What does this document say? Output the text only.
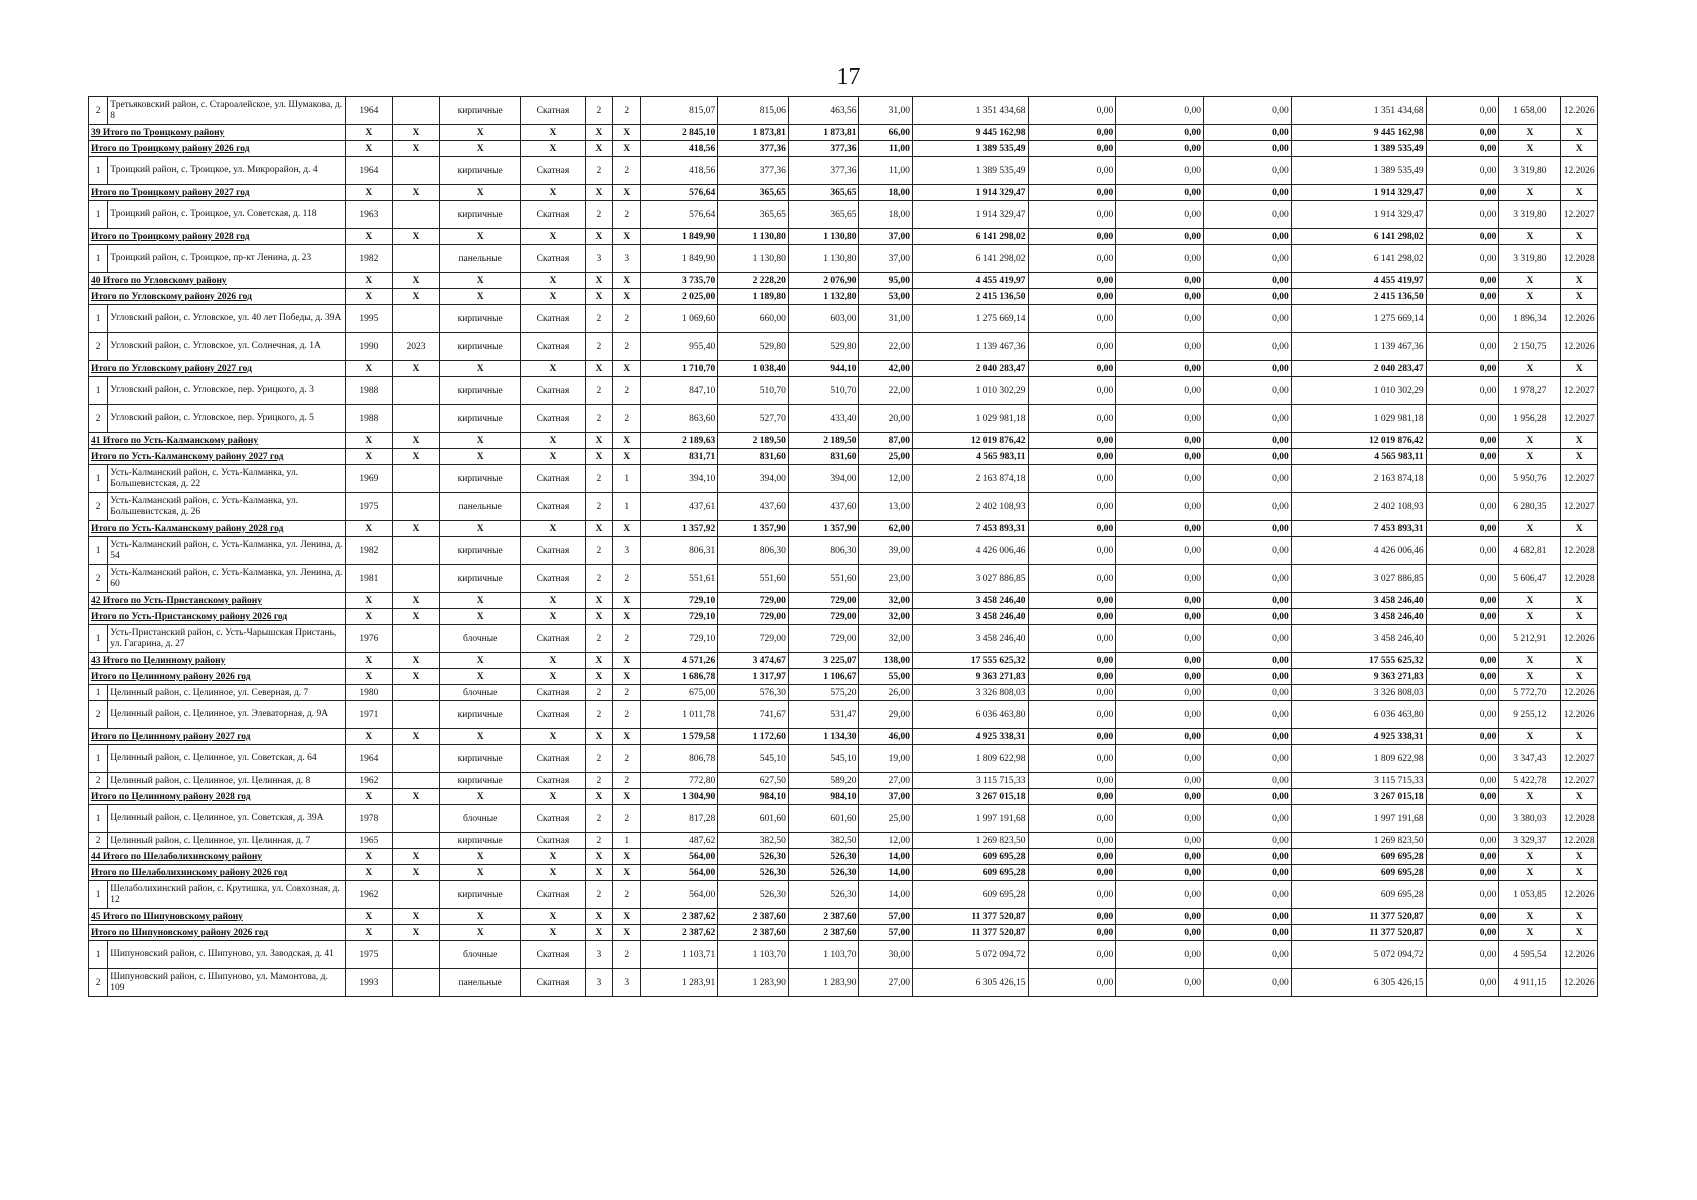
17
2	Третьяковский район, с. Староалейское, ул. Шумакова, д. 8	1964		кирпичные	Скатная	2	2	815,07	815,06	463,56	31,00	1 351 434,68	0,00	0,00	0,00	1 351 434,68	0,00	1 658,00	12.2026
39 Итого по Троицкому району		X	X	X	X	X	X	2 845,10	1 873,81	1 873,81	66,00	9 445 162,98	0,00	0,00	0,00	9 445 162,98	0,00	X	X
Итого по Троицкому району 2026 год		X	X	X	X	X	X	418,56	377,36	377,36	11,00	1 389 535,49	0,00	0,00	0,00	1 389 535,49	0,00	X	X
1	Троицкий район, с. Троицкое, ул. Микрорайон, д. 4	1964		кирпичные	Скатная	2	2	418,56	377,36	377,36	11,00	1 389 535,49	0,00	0,00	0,00	1 389 535,49	0,00	3 319,80	12.2026
Итого по Троицкому району 2027 год		X	X	X	X	X	X	576,64	365,65	365,65	18,00	1 914 329,47	0,00	0,00	0,00	1 914 329,47	0,00	X	X
1	Троицкий район, с. Троицкое, ул. Советская, д. 118	1963		кирпичные	Скатная	2	2	576,64	365,65	365,65	18,00	1 914 329,47	0,00	0,00	0,00	1 914 329,47	0,00	3 319,80	12.2027
Итого по Троицкому району 2028 год		X	X	X	X	X	X	1 849,90	1 130,80	1 130,80	37,00	6 141 298,02	0,00	0,00	0,00	6 141 298,02	0,00	X	X
1	Троицкий район, с. Троицкое, пр-кт Ленина, д. 23	1982		панельные	Скатная	3	3	1 849,90	1 130,80	1 130,80	37,00	6 141 298,02	0,00	0,00	0,00	6 141 298,02	0,00	3 319,80	12.2028
40 Итого по Угловскому району		X	X	X	X	X	X	3 735,70	2 228,20	2 076,90	95,00	4 455 419,97	0,00	0,00	0,00	4 455 419,97	0,00	X	X
Итого по Угловскому району 2026 год		X	X	X	X	X	X	2 025,00	1 189,80	1 132,80	53,00	2 415 136,50	0,00	0,00	0,00	2 415 136,50	0,00	X	X
1	Угловский район, с. Угловское, ул. 40 лет Победы, д. 39А	1995		кирпичные	Скатная	2	2	1 069,60	660,00	603,00	31,00	1 275 669,14	0,00	0,00	0,00	1 275 669,14	0,00	1 896,34	12.2026
2	Угловский район, с. Угловское, ул. Солнечная, д. 1А	1990	2023	кирпичные	Скатная	2	2	955,40	529,80	529,80	22,00	1 139 467,36	0,00	0,00	0,00	1 139 467,36	0,00	2 150,75	12.2026
Итого по Угловскому району 2027 год		X	X	X	X	X	X	1 710,70	1 038,40	944,10	42,00	2 040 283,47	0,00	0,00	0,00	2 040 283,47	0,00	X	X
1	Угловский район, с. Угловское, пер. Урицкого, д. 3	1988		кирпичные	Скатная	2	2	847,10	510,70	510,70	22,00	1 010 302,29	0,00	0,00	0,00	1 010 302,29	0,00	1 978,27	12.2027
2	Угловский район, с. Угловское, пер. Урицкого, д. 5	1988		кирпичные	Скатная	2	2	863,60	527,70	433,40	20,00	1 029 981,18	0,00	0,00	0,00	1 029 981,18	0,00	1 956,28	12.2027
41 Итого по Усть-Калманскому району		X	X	X	X	X	X	2 189,63	2 189,50	2 189,50	87,00	12 019 876,42	0,00	0,00	0,00	12 019 876,42	0,00	X	X
Итого по Усть-Калманскому району 2027 год		X	X	X	X	X	X	831,71	831,60	831,60	25,00	4 565 983,11	0,00	0,00	0,00	4 565 983,11	0,00	X	X
1	Усть-Калманский район, с. Усть-Калманка, ул. Большевистская, д. 22	1969		кирпичные	Скатная	2	1	394,10	394,00	394,00	12,00	2 163 874,18	0,00	0,00	0,00	2 163 874,18	0,00	5 950,76	12.2027
2	Усть-Калманский район, с. Усть-Калманка, ул. Большевистская, д. 26	1975		панельные	Скатная	2	1	437,61	437,60	437,60	13,00	2 402 108,93	0,00	0,00	0,00	2 402 108,93	0,00	6 280,35	12.2027
Итого по Усть-Калманскому району 2028 год		X	X	X	X	X	X	1 357,92	1 357,90	1 357,90	62,00	7 453 893,31	0,00	0,00	0,00	7 453 893,31	0,00	X	X
1	Усть-Калманский район, с. Усть-Калманка, ул. Ленина, д. 54	1982		кирпичные	Скатная	2	3	806,31	806,30	806,30	39,00	4 426 006,46	0,00	0,00	0,00	4 426 006,46	0,00	4 682,81	12.2028
2	Усть-Калманский район, с. Усть-Калманка, ул. Ленина, д. 60	1981		кирпичные	Скатная	2	2	551,61	551,60	551,60	23,00	3 027 886,85	0,00	0,00	0,00	3 027 886,85	0,00	5 606,47	12.2028
42 Итого по Усть-Пристанскому району		X	X	X	X	X	X	729,10	729,00	729,00	32,00	3 458 246,40	0,00	0,00	0,00	3 458 246,40	0,00	X	X
Итого по Усть-Пристанскому району 2026 год		X	X	X	X	X	X	729,10	729,00	729,00	32,00	3 458 246,40	0,00	0,00	0,00	3 458 246,40	0,00	X	X
1	Усть-Пристанский район, с. Усть-Чарышская Пристань, ул. Гагарина, д. 27	1976		блочные	Скатная	2	2	729,10	729,00	729,00	32,00	3 458 246,40	0,00	0,00	0,00	3 458 246,40	0,00	5 212,91	12.2026
43 Итого по Целинному району		X	X	X	X	X	X	4 571,26	3 474,67	3 225,07	138,00	17 555 625,32	0,00	0,00	0,00	17 555 625,32	0,00	X	X
Итого по Целинному району 2026 год		X	X	X	X	X	X	1 686,78	1 317,97	1 106,67	55,00	9 363 271,83	0,00	0,00	0,00	9 363 271,83	0,00	X	X
1	Целинный район, с. Целинное, ул. Северная, д. 7	1980		блочные	Скатная	2	2	675,00	576,30	575,20	26,00	3 326 808,03	0,00	0,00	0,00	3 326 808,03	0,00	5 772,70	12.2026
2	Целинный район, с. Целинное, ул. Элеваторная, д. 9А	1971		кирпичные	Скатная	2	2	1 011,78	741,67	531,47	29,00	6 036 463,80	0,00	0,00	0,00	6 036 463,80	0,00	9 255,12	12.2026
Итого по Целинному району 2027 год		X	X	X	X	X	X	1 579,58	1 172,60	1 134,30	46,00	4 925 338,31	0,00	0,00	0,00	4 925 338,31	0,00	X	X
1	Целинный район, с. Целинное, ул. Советская, д. 64	1964		кирпичные	Скатная	2	2	806,78	545,10	545,10	19,00	1 809 622,98	0,00	0,00	0,00	1 809 622,98	0,00	3 347,43	12.2027
2	Целинный район, с. Целинное, ул. Целинная, д. 8	1962		кирпичные	Скатная	2	2	772,80	627,50	589,20	27,00	3 115 715,33	0,00	0,00	0,00	3 115 715,33	0,00	5 422,78	12.2027
Итого по Целинному району 2028 год		X	X	X	X	X	X	1 304,90	984,10	984,10	37,00	3 267 015,18	0,00	0,00	0,00	3 267 015,18	0,00	X	X
1	Целинный район, с. Целинное, ул. Советская, д. 39А	1978		блочные	Скатная	2	2	817,28	601,60	601,60	25,00	1 997 191,68	0,00	0,00	0,00	1 997 191,68	0,00	3 380,03	12.2028
2	Целинный район, с. Целинное, ул. Целинная, д. 7	1965		кирпичные	Скатная	2	1	487,62	382,50	382,50	12,00	1 269 823,50	0,00	0,00	0,00	1 269 823,50	0,00	3 329,37	12.2028
44 Итого по Шелаболихинскому району		X	X	X	X	X	X	564,00	526,30	526,30	14,00	609 695,28	0,00	0,00	0,00	609 695,28	0,00	X	X
Итого по Шелаболихинскому району 2026 год		X	X	X	X	X	X	564,00	526,30	526,30	14,00	609 695,28	0,00	0,00	0,00	609 695,28	0,00	X	X
1	Шелаболихинский район, с. Крутишка, ул. Совхозная, д. 12	1962		кирпичные	Скатная	2	2	564,00	526,30	526,30	14,00	609 695,28	0,00	0,00	0,00	609 695,28	0,00	1 053,85	12.2026
45 Итого по Шипуновскому району		X	X	X	X	X	X	2 387,62	2 387,60	2 387,60	57,00	11 377 520,87	0,00	0,00	0,00	11 377 520,87	0,00	X	X
Итого по Шипуновскому району 2026 год		X	X	X	X	X	X	2 387,62	2 387,60	2 387,60	57,00	11 377 520,87	0,00	0,00	0,00	11 377 520,87	0,00	X	X
1	Шипуновский район, с. Шипуново, ул. Заводская, д. 41	1975		блочные	Скатная	3	2	1 103,71	1 103,70	1 103,70	30,00	5 072 094,72	0,00	0,00	0,00	5 072 094,72	0,00	4 595,54	12.2026
2	Шипуновский район, с. Шипуново, ул. Мамонтова, д. 109	1993		панельные	Скатная	3	3	1 283,91	1 283,90	1 283,90	27,00	6 305 426,15	0,00	0,00	0,00	6 305 426,15	0,00	4 911,15	12.2026
